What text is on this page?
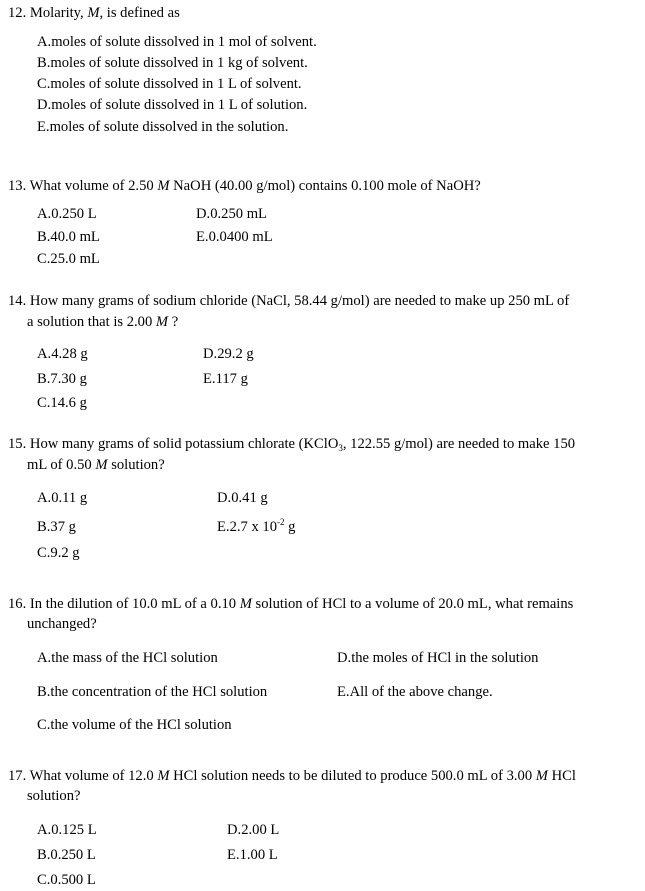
12. Molarity, M, is defined as
A.moles of solute dissolved in 1 mol of solvent.
B.moles of solute dissolved in 1 kg of solvent.
C.moles of solute dissolved in 1 L of solvent.
D.moles of solute dissolved in 1 L of solution.
E.moles of solute dissolved in the solution.
13. What volume of 2.50 M NaOH (40.00 g/mol) contains 0.100 mole of NaOH?
A.0.250 L
B.40.0 mL
C.25.0 mL
D.0.250 mL
E.0.0400 mL
14. How many grams of sodium chloride (NaCl, 58.44 g/mol) are needed to make up 250 mL of
a solution that is 2.00 M ?
A.4.28 g
B.7.30 g
C.14.6 g
D.29.2 g
E.117 g
15. How many grams of solid potassium chlorate (KClO$_3$, 122.55 g/mol) are needed to make 150
mL of 0.50 M solution?
A.0.11 g
B.37 g
C.9.2 g
D.0.41 g
E.2.7 x $10^{-2}$ g
16. In the dilution of 10.0 mL of a 0.10 M solution of HCl to a volume of 20.0 mL, what remains
unchanged?
A.the mass of the HCl solution
B.the concentration of the HCl solution
C.the volume of the HCl solution
D.the moles of HCl in the solution
E.All of the above change.
17. What volume of 12.0 M HCl solution needs to be diluted to produce 500.0 mL of 3.00 M HCl
solution?
A.0.125 L
B.0.250 L
C.0.500 L
D.2.00 L
E.1.00 L
